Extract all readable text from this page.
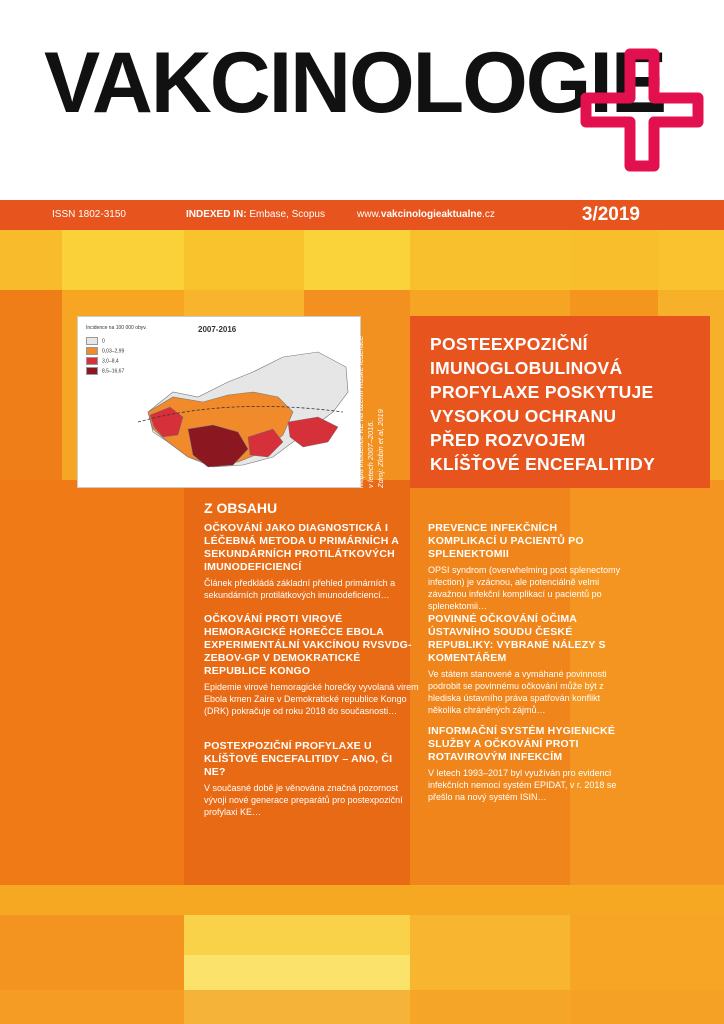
VAKCINOLOGIE
ISSN 1802-3150	INDEXED IN: Embase, Scopus	www.vakcinologieaktualne.cz	3/2019
2007-2016
Incidence na 100 000 obyv.
0
0,03–2,99
3,0–8,4
8,5–16,67	Mapa incidence KE na území Ruské federace v letech 2007–2016. Zdroj: Zlobin et al, 2019
POSTEEXPOZIČNÍ
IMUNOGLOBULINOVÁ
PROFYLAXE POSKYTUJE
VYSOKOU OCHRANU
PŘED ROZVOJEM
KLÍŠŤOVÉ ENCEFALITIDY
Z OBSAHU
OČKOVÁNÍ JAKO DIAGNOSTICKÁ I LÉČEBNÁ METODA U PRIMÁRNÍCH A SEKUNDÁRNÍCH PROTILÁTKOVÝCH IMUNODEFICIENCÍ
Článek předkládá základní přehled primárních a sekundárních protilátkových imunodeficiencí…
OČKOVÁNÍ PROTI VIROVÉ HEMORAGICKÉ HOREČCE EBOLA EXPERIMENTÁLNÍ VAKCÍNOU RVSVDG-ZEBOV-GP V DEMOKRATICKÉ REPUBLICE KONGO
Epidemie virové hemoragické horečky vyvolaná virem Ebola kmen Zaire v Demokratické republice Kongo (DRK) pokračuje od roku 2018 do současnosti…
POSTEXPOZIČNÍ PROFYLAXE U KLÍŠŤOVÉ ENCEFALITIDY – ANO, ČI NE?
V současné době je věnována značná pozornost vývoji nové generace preparátů pro postexpoziční profylaxi KE…
PREVENCE INFEKČNÍCH KOMPLIKACÍ U PACIENTŮ PO SPLENEKTOMII
OPSI syndrom (overwhelming post splenectomy infection) je vzácnou, ale potenciálně velmi závažnou infekční komplikací u pacientů po splenektomii…
POVINNÉ OČKOVÁNÍ OČIMA ÚSTAVNÍHO SOUDU ČESKÉ REPUBLIKY: VYBRANÉ NÁLEZY S KOMENTÁŘEM
Ve státem stanovené a vymáhané povinnosti podrobit se povinnému očkování může být z hlediska ústavního práva spatřován konflikt několika chráněných zájmů…
INFORMAČNÍ SYSTÉM HYGIENICKÉ SLUŽBY A OČKOVÁNÍ PROTI ROTAVIROVÝM INFEKCÍM
V letech 1993–2017 byl využíván pro evidenci infekčních nemocí systém EPIDAT, v r. 2018 se přešlo na nový systém ISIN…
